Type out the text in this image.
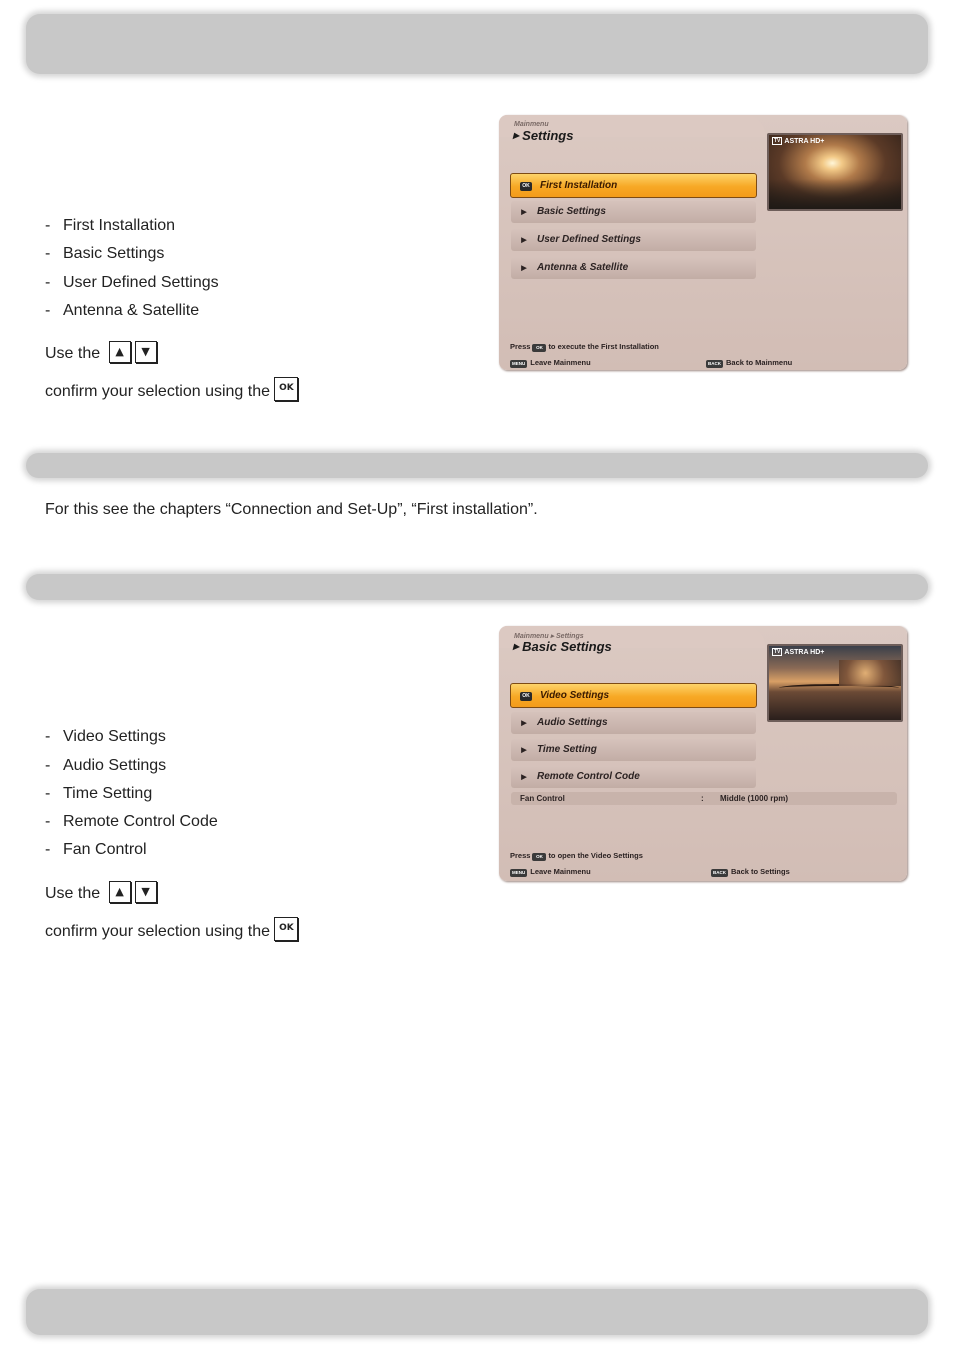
- First Installation
- Basic Settings
- User Defined Settings
- Antenna & Satellite
Use the ▲ ▼
confirm your selection using the OK
Mainmenu
▶ Settings	TV ASTRA HD+
OK First Installation
▶ Basic Settings
▶ User Defined Settings
▶ Antenna & Satellite
Press OK to execute the First Installation
MENU Leave Mainmenu	BACK Back to Mainmenu
For this see the chapters “Connection and Set-Up”, “First installation”.
- Video Settings
- Audio Settings
- Time Setting
- Remote Control Code
- Fan Control
Use the ▲ ▼
confirm your selection using the OK
Mainmenu ▸ Settings
▶ Basic Settings	TV ASTRA HD+
OK Video Settings
▶ Audio Settings
▶ Time Setting
▶ Remote Control Code
Fan Control	: Middle (1000 rpm)
Press OK to open the Video Settings
MENU Leave Mainmenu	BACK Back to Settings
